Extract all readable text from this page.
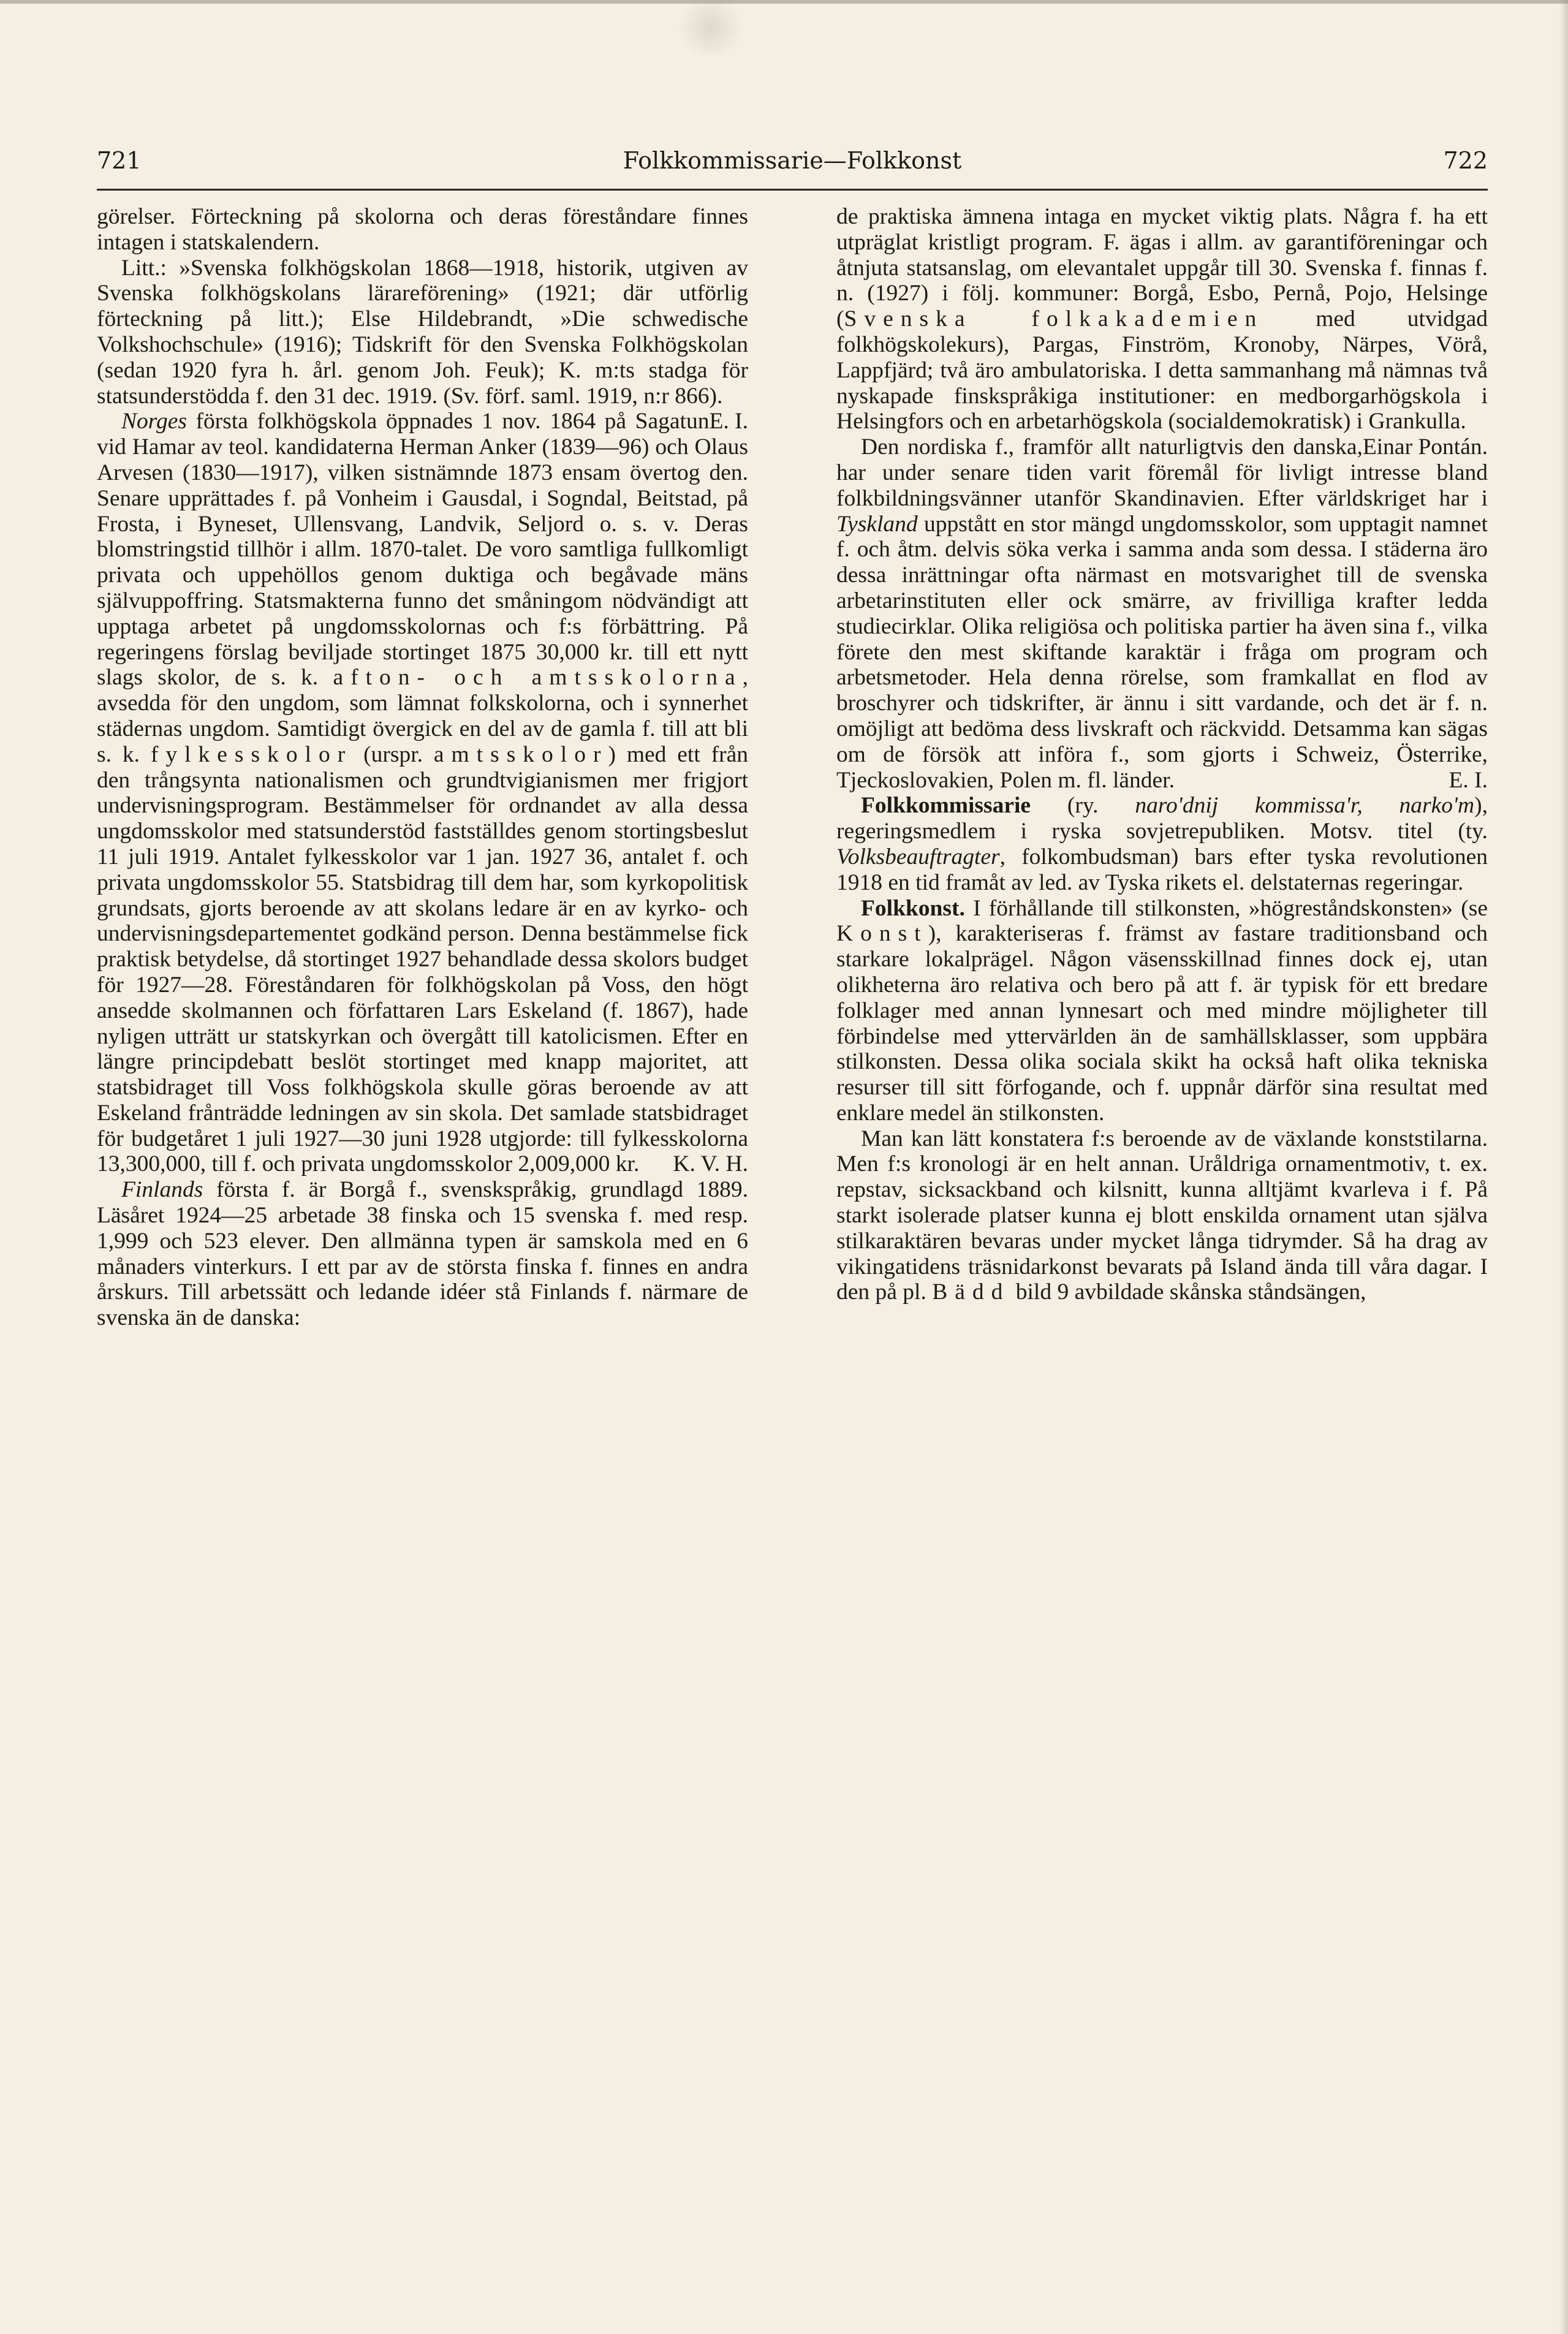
721	Folkkommissarie—Folkkonst	722

görelser. Förteckning på skolorna och deras föreståndare finnes intagen i statskalendern.

Litt.: »Svenska folkhögskolan 1868—1918, historik, utgiven av Svenska folkhögskolans lärareförening» (1921; där utförlig förteckning på litt.); Else Hildebrandt, »Die schwedische Volkshochschule» (1916); Tidskrift för den Svenska Folkhögskolan (sedan 1920 fyra h. årl. genom Joh. Feuk); K. m:ts stadga för statsunderstödda f. den 31 dec. 1919. (Sv. förf. saml. 1919, n:r 866).
E. I.

Norges första folkhögskola öppnades 1 nov. 1864 på Sagatun vid Hamar av teol. kandidaterna Herman Anker (1839—96) och Olaus Arvesen (1830—1917), vilken sistnämnde 1873 ensam övertog den. Senare upprättades f. på Vonheim i Gausdal, i Sogndal, Beitstad, på Frosta, i Byneset, Ullensvang, Landvik, Seljord o. s. v. Deras blomstringstid tillhör i allm. 1870-talet. De voro samtliga fullkomligt privata och uppehöllos genom duktiga och begåvade mäns självuppoffring. Statsmakterna funno det småningom nödvändigt att upptaga arbetet på ungdomsskolornas och f:s förbättring. På regeringens förslag beviljade stortinget 1875 30,000 kr. till ett nytt slags skolor, de s. k. afton- och amtsskolorna, avsedda för den ungdom, som lämnat folkskolorna, och i synnerhet städernas ungdom. Samtidigt övergick en del av de gamla f. till att bli s. k. fylkesskolor (urspr. amtsskolor) med ett från den trångsynta nationalismen och grundtvigianismen mer frigjort undervisningsprogram. Bestämmelser för ordnandet av alla dessa ungdomsskolor med statsunderstöd fastställdes genom stortingsbeslut 11 juli 1919. Antalet fylkesskolor var 1 jan. 1927 36, antalet f. och privata ungdomsskolor 55. Statsbidrag till dem har, som kyrkopolitisk grundsats, gjorts beroende av att skolans ledare är en av kyrko- och undervisningsdepartementet godkänd person. Denna bestämmelse fick praktisk betydelse, då stortinget 1927 behandlade dessa skolors budget för 1927—28. Föreståndaren för folkhögskolan på Voss, den högt ansedde skolmannen och författaren Lars Eskeland (f. 1867), hade nyligen utträtt ur statskyrkan och övergått till katolicismen. Efter en längre principdebatt beslöt stortinget med knapp majoritet, att statsbidraget till Voss folkhögskola skulle göras beroende av att Eskeland frånträdde ledningen av sin skola. Det samlade statsbidraget för budgetåret 1 juli 1927—30 juni 1928 utgjorde: till fylkesskolorna 13,300,000, till f. och privata ungdomsskolor 2,009,000 kr. K. V. H.

Finlands första f. är Borgå f., svenskspråkig, grundlagd 1889. Läsåret 1924—25 arbetade 38 finska och 15 svenska f. med resp. 1,999 och 523 elever. Den allmänna typen är samskola med en 6 månaders vinterkurs. I ett par av de största finska f. finnes en andra årskurs. Till arbetssätt och ledande idéer stå Finlands f. närmare de svenska än de danska:

de praktiska ämnena intaga en mycket viktig plats. Några f. ha ett utpräglat kristligt program. F. ägas i allm. av garantiföreningar och åtnjuta statsanslag, om elevantalet uppgår till 30. Svenska f. finnas f. n. (1927) i följ. kommuner: Borgå, Esbo, Pernå, Pojo, Helsinge (Svenska folkakademien med utvidgad folkhögskolekurs), Pargas, Finström, Kronoby, Närpes, Vörå, Lappfjärd; två äro ambulatoriska. I detta sammanhang må nämnas två nyskapade finskspråkiga institutioner: en medborgarhögskola i Helsingfors och en arbetarhögskola (socialdemokratisk) i Grankulla.
Einar Pontán.

Den nordiska f., framför allt naturligtvis den danska, har under senare tiden varit föremål för livligt intresse bland folkbildningsvänner utanför Skandinavien. Efter världskriget har i Tyskland uppstått en stor mängd ungdomsskolor, som upptagit namnet f. och åtm. delvis söka verka i samma anda som dessa. I städerna äro dessa inrättningar ofta närmast en motsvarighet till de svenska arbetarinstituten eller ock smärre, av frivilliga krafter ledda studiecirklar. Olika religiösa och politiska partier ha även sina f., vilka förete den mest skiftande karaktär i fråga om program och arbetsmetoder. Hela denna rörelse, som framkallat en flod av broschyrer och tidskrifter, är ännu i sitt vardande, och det är f. n. omöjligt att bedöma dess livskraft och räckvidd. Detsamma kan sägas om de försök att införa f., som gjorts i Schweiz, Österrike, Tjeckoslovakien, Polen m. fl. länder.	E. I.

Folkkommissarie (ry. naro'dnij kommissa'r, narko'm), regeringsmedlem i ryska sovjetrepubliken. Motsv. titel (ty. Volksbeauftragter, folkombudsman) bars efter tyska revolutionen 1918 en tid framåt av led. av Tyska rikets el. delstaternas regeringar.

Folkkonst. I förhållande till stilkonsten, »högreståndskonsten» (se Konst), karakteriseras f. främst av fastare traditionsband och starkare lokalprägel. Någon väsensskillnad finnes dock ej, utan olikheterna äro relativa och bero på att f. är typisk för ett bredare folklager med annan lynnesart och med mindre möjligheter till förbindelse med yttervärlden än de samhällsklasser, som uppbära stilkonsten. Dessa olika sociala skikt ha också haft olika tekniska resurser till sitt förfogande, och f. uppnår därför sina resultat med enklare medel än stilkonsten.

Man kan lätt konstatera f:s beroende av de växlande konststilarna. Men f:s kronologi är en helt annan. Uråldriga ornamentmotiv, t. ex. repstav, sicksackband och kilsnitt, kunna alltjämt kvarleva i f. På starkt isolerade platser kunna ej blott enskilda ornament utan själva stilkaraktären bevaras under mycket långa tidrymder. Så ha drag av vikingatidens träsnidarkonst bevarats på Island ända till våra dagar. I den på pl. Bädd bild 9 avbildade skånska ståndsängen,
